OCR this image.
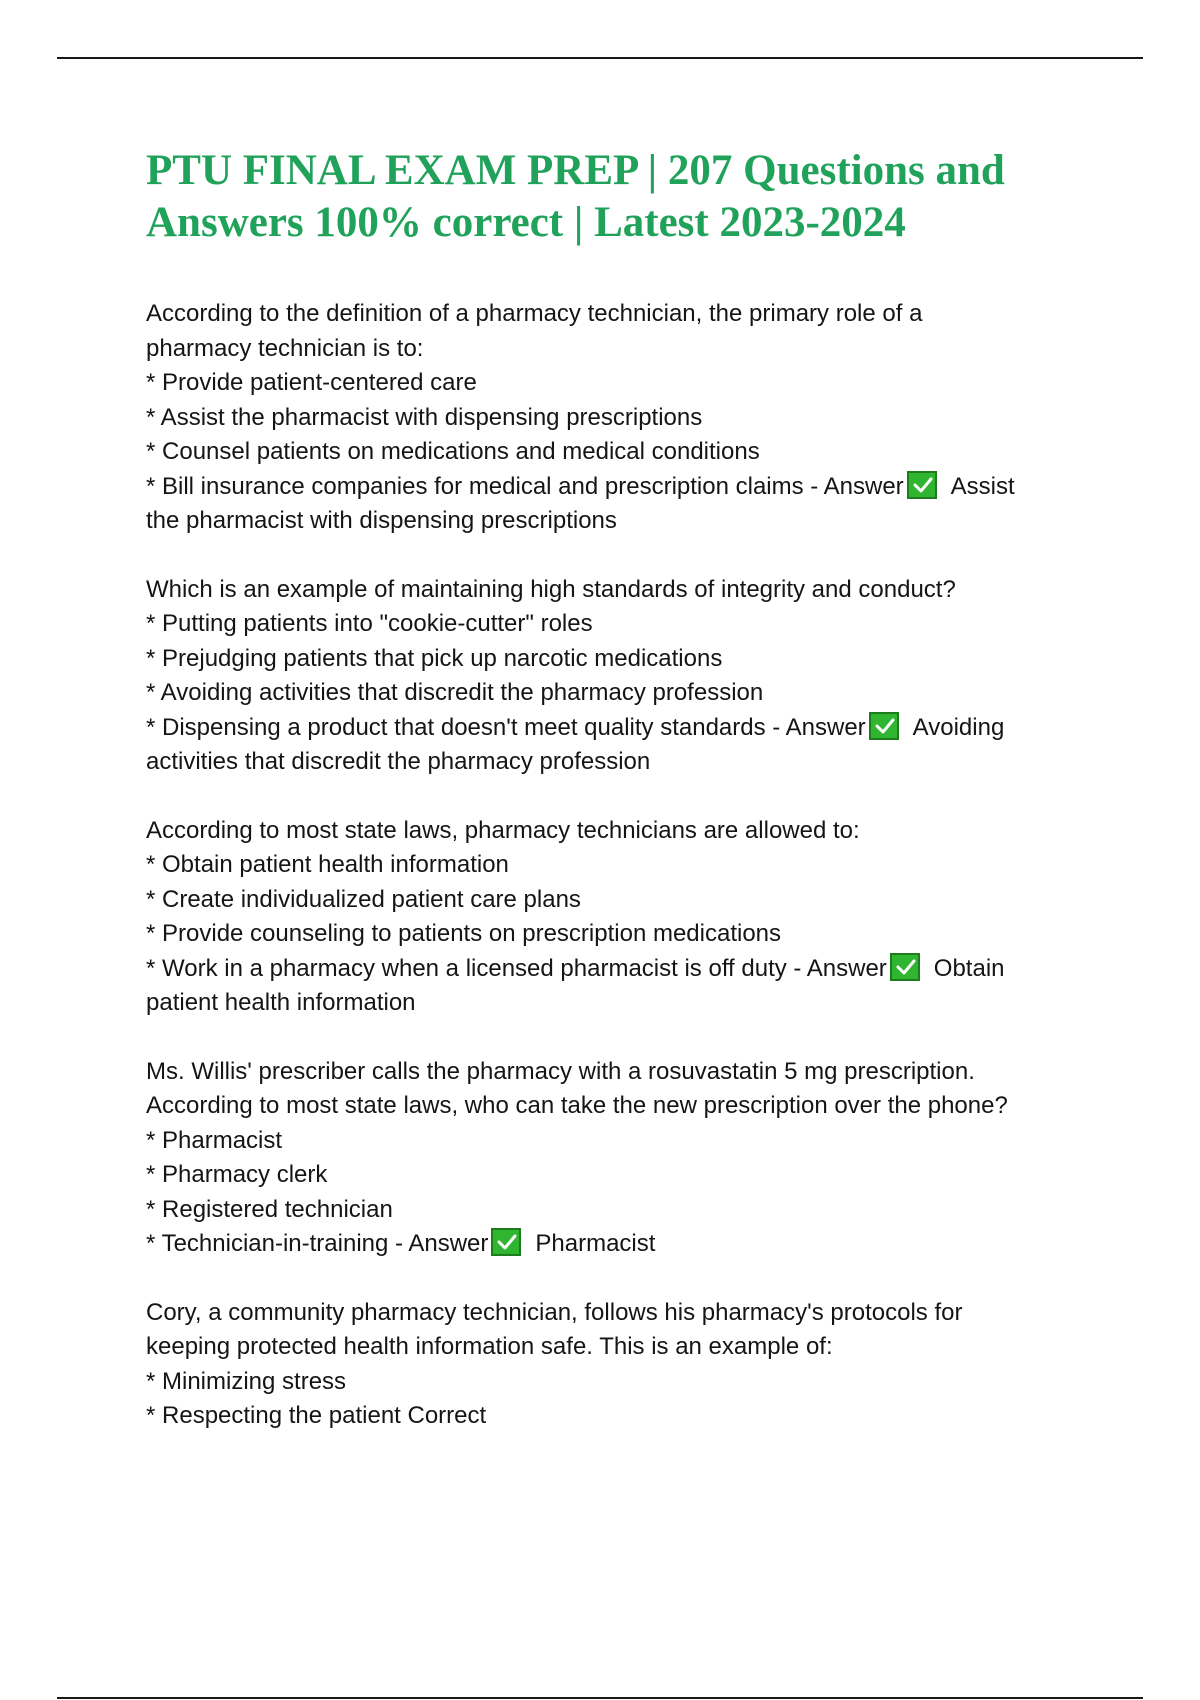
PTU FINAL EXAM PREP | 207 Questions and Answers 100% correct | Latest 2023-2024
According to the definition of a pharmacy technician, the primary role of a
pharmacy technician is to:
* Provide patient-centered care
* Assist the pharmacist with dispensing prescriptions
* Counsel patients on medications and medical conditions
* Bill insurance companies for medical and prescription claims - Answer Assist
the pharmacist with dispensing prescriptions
Which is an example of maintaining high standards of integrity and conduct?
* Putting patients into "cookie-cutter" roles
* Prejudging patients that pick up narcotic medications
* Avoiding activities that discredit the pharmacy profession
* Dispensing a product that doesn't meet quality standards - Answer Avoiding
activities that discredit the pharmacy profession
According to most state laws, pharmacy technicians are allowed to:
* Obtain patient health information
* Create individualized patient care plans
* Provide counseling to patients on prescription medications
* Work in a pharmacy when a licensed pharmacist is off duty - Answer Obtain
patient health information
Ms. Willis' prescriber calls the pharmacy with a rosuvastatin 5 mg prescription.
According to most state laws, who can take the new prescription over the phone?
* Pharmacist
* Pharmacy clerk
* Registered technician
* Technician-in-training - Answer Pharmacist
Cory, a community pharmacy technician, follows his pharmacy's protocols for
keeping protected health information safe. This is an example of:
* Minimizing stress
* Respecting the patient Correct
